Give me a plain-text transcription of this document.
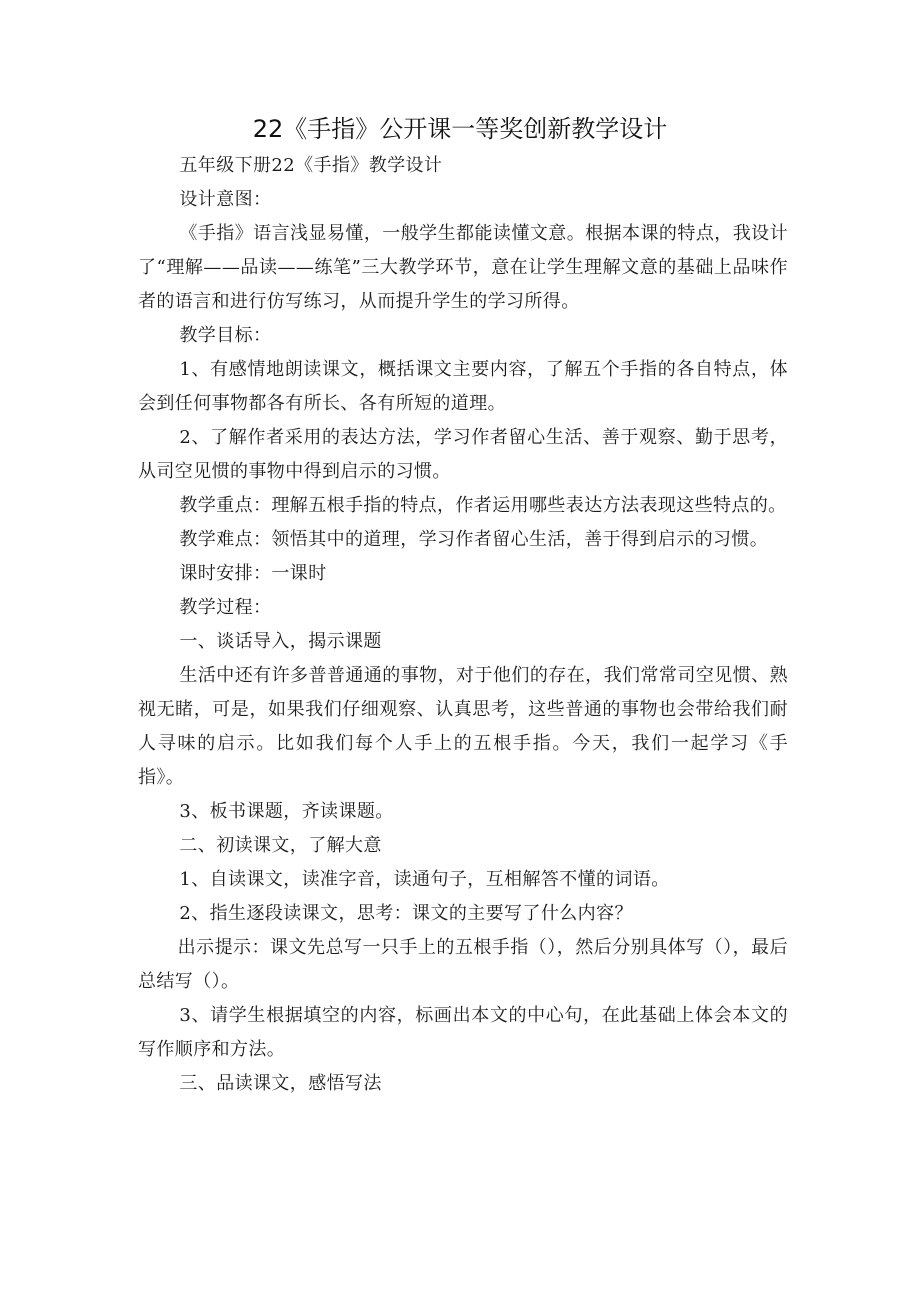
22《手指》公开课一等奖创新教学设计

五年级下册22《手指》教学设计

设计意图：

《手指》语言浅显易懂，一般学生都能读懂文意。根据本课的特点，我设计了“理解——品读——练笔”三大教学环节，意在让学生理解文意的基础上品味作者的语言和进行仿写练习，从而提升学生的学习所得。

教学目标：

1、有感情地朗读课文，概括课文主要内容，了解五个手指的各自特点，体会到任何事物都各有所长、各有所短的道理。

2、了解作者采用的表达方法，学习作者留心生活、善于观察、勤于思考，从司空见惯的事物中得到启示的习惯。

教学重点：理解五根手指的特点，作者运用哪些表达方法表现这些特点的。

教学难点：领悟其中的道理，学习作者留心生活，善于得到启示的习惯。

课时安排：一课时

教学过程：

一、谈话导入，揭示课题

生活中还有许多普普通通的事物，对于他们的存在，我们常常司空见惯、熟视无睹，可是，如果我们仔细观察、认真思考，这些普通的事物也会带给我们耐人寻味的启示。比如我们每个人手上的五根手指。今天，我们一起学习《手指》。

3、板书课题，齐读课题。

二、初读课文，了解大意

1、自读课文，读准字音，读通句子，互相解答不懂的词语。

2、指生逐段读课文，思考：课文的主要写了什么内容？

出示提示：课文先总写一只手上的五根手指（），然后分别具体写（），最后总结写（）。

3、请学生根据填空的内容，标画出本文的中心句，在此基础上体会本文的写作顺序和方法。

三、品读课文，感悟写法
